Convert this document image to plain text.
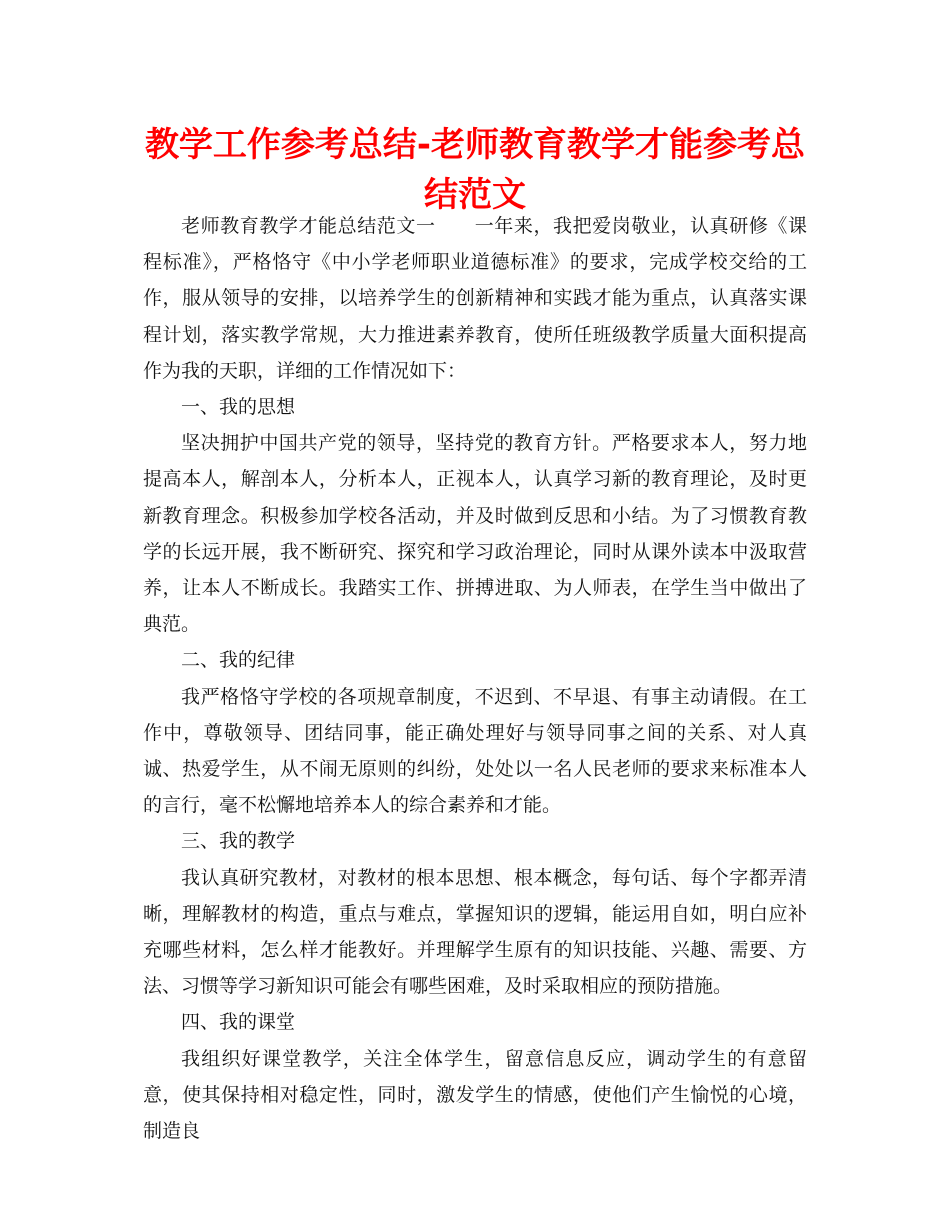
教学工作参考总结-老师教育教学才能参考总结范文

老师教育教学才能总结范文一　　一年来，我把爱岗敬业，认真研修《课程标准》，严格恪守《中小学老师职业道德标准》的要求，完成学校交给的工作，服从领导的安排，以培养学生的创新精神和实践才能为重点，认真落实课程计划，落实教学常规，大力推进素养教育，使所任班级教学质量大面积提高作为我的天职，详细的工作情况如下：

一、我的思想

坚决拥护中国共产党的领导，坚持党的教育方针。严格要求本人，努力地提高本人，解剖本人，分析本人，正视本人，认真学习新的教育理论，及时更新教育理念。积极参加学校各活动，并及时做到反思和小结。为了习惯教育教学的长远开展，我不断研究、探究和学习政治理论，同时从课外读本中汲取营养，让本人不断成长。我踏实工作、拼搏进取、为人师表，在学生当中做出了典范。

二、我的纪律

我严格恪守学校的各项规章制度，不迟到、不早退、有事主动请假。在工作中，尊敬领导、团结同事，能正确处理好与领导同事之间的关系、对人真诚、热爱学生，从不闹无原则的纠纷，处处以一名人民老师的要求来标准本人的言行，毫不松懈地培养本人的综合素养和才能。

三、我的教学

我认真研究教材，对教材的根本思想、根本概念，每句话、每个字都弄清晰，理解教材的构造，重点与难点，掌握知识的逻辑，能运用自如，明白应补充哪些材料，怎么样才能教好。并理解学生原有的知识技能、兴趣、需要、方法、习惯等学习新知识可能会有哪些困难，及时采取相应的预防措施。

四、我的课堂

我组织好课堂教学，关注全体学生，留意信息反应，调动学生的有意留意，使其保持相对稳定性，同时，激发学生的情感，使他们产生愉悦的心境，制造良
